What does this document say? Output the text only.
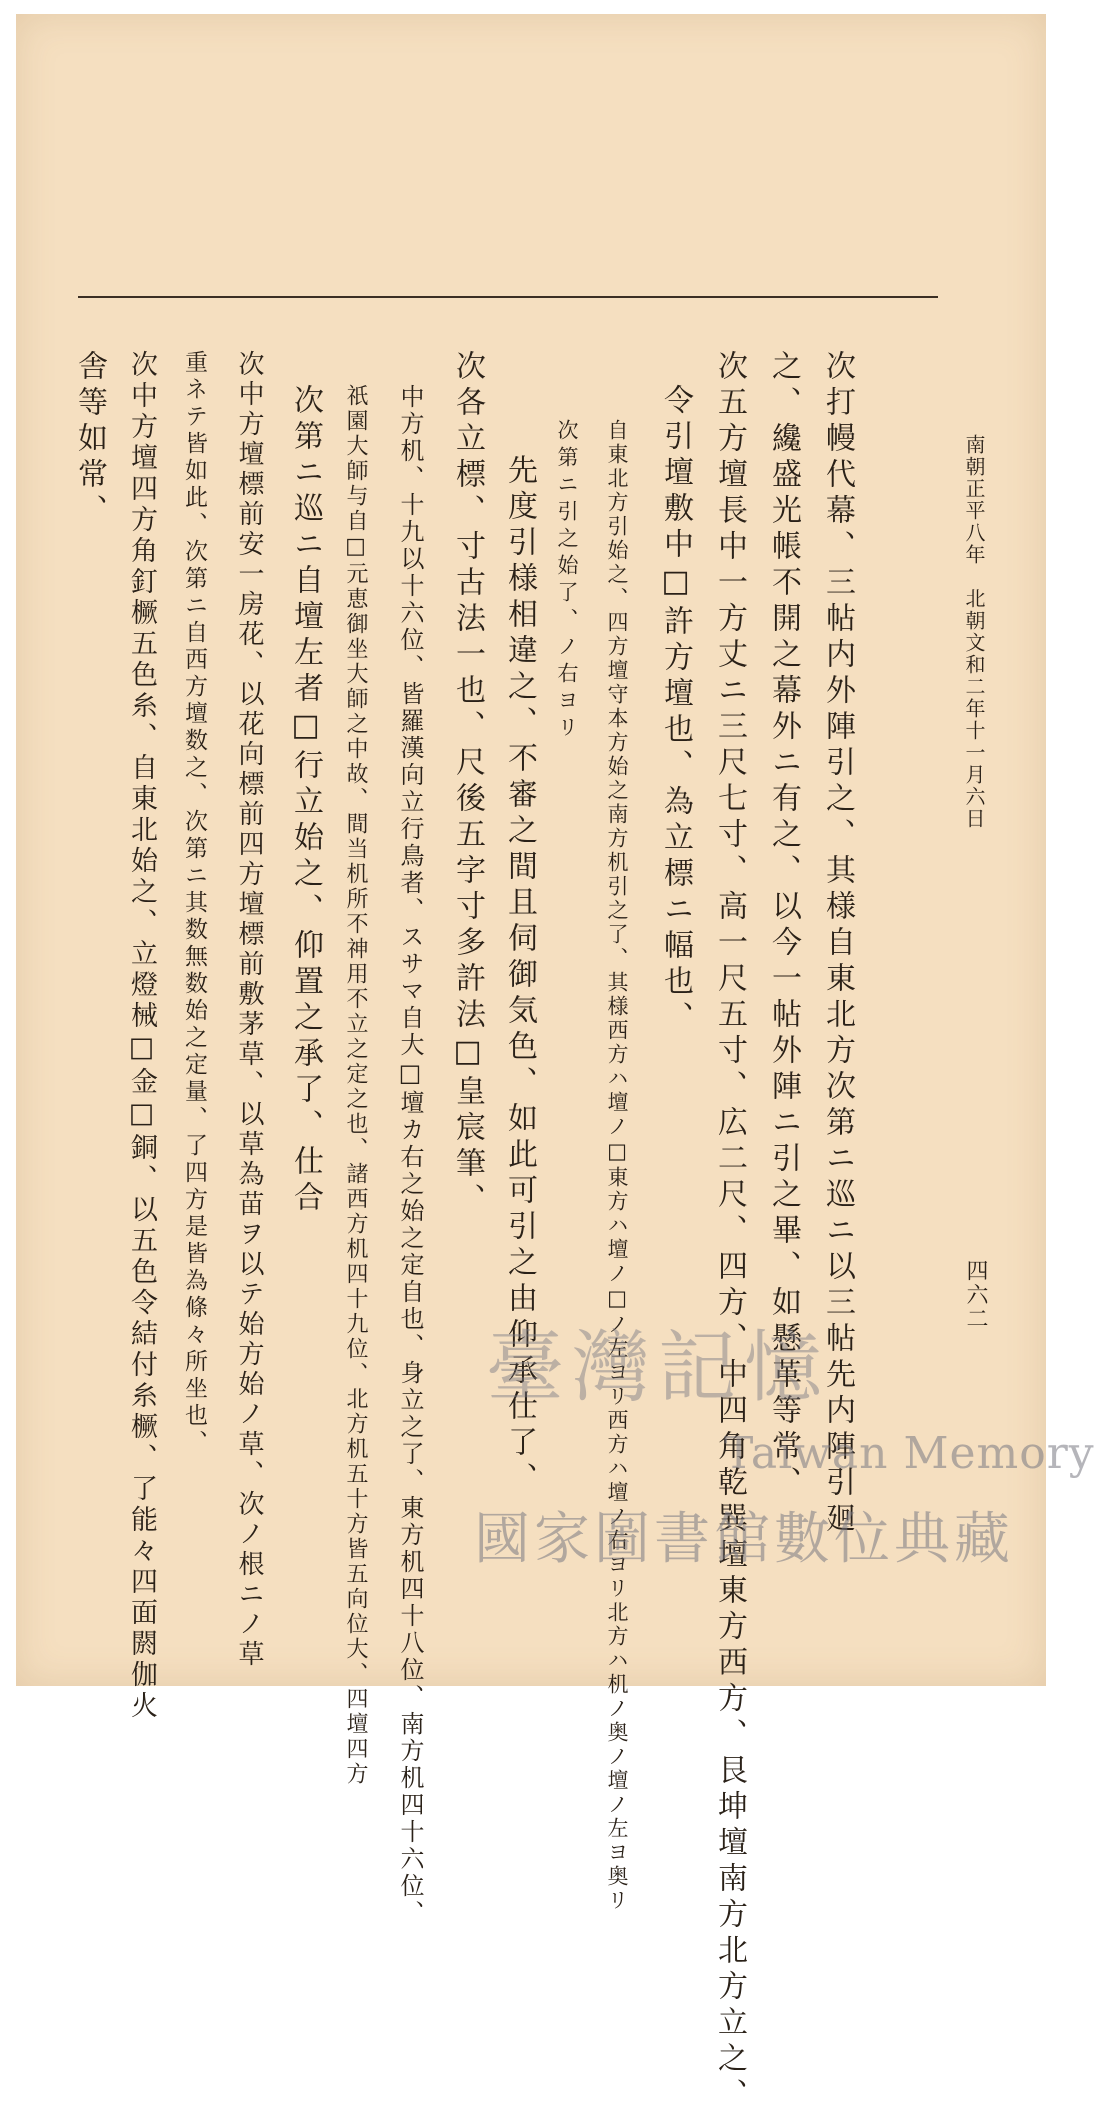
南朝正平八年　北朝文和二年十一月六日
四六二
次打幔代幕、三帖内外陣引之、其様自東北方次第ニ巡ニ以三帖先内陣引廻
之、纔盛光帳不開之幕外ニ有之、以今一帖外陣ニ引之畢、如懸革等常、
次五方壇長中一方丈ニ三尺七寸、高一尺五寸、広二尺、四方、中四角乾巽壇東方西方、艮坤壇南方北方立之、
令引壇敷中□許方壇也、為立標ニ幅也、
自東北方引始之、四方壇守本方始之南方机引之了、其様西方ハ壇ノ□東方ハ壇ノ□ノ左ヨリ西方ハ壇ノ右ヨリ北方ハ机ノ奥ノ壇ノ左ヨ奥リ
次第ニ引之始了、ノ右ヨリ
先度引様相違之、不審之間且伺御気色、如此可引之由仰承仕了、
次各立標、寸古法一也、尺後五字寸多許法□皇宸筆、
中方机、十九以十六位、皆羅漢向立行鳥者、スサマ自大□壇カ右之始之定自也、身立之了、東方机四十八位、南方机四十六位、
祇園大師与自□元恵御坐大師之中故、間当机所不神用不立之定之也、諸西方机四十九位、北方机五十方皆五向位大、四壇四方
次第ニ巡ニ自壇左者□行立始之、仰置之承了、仕合
次中方壇標前安一房花、以花向標前四方壇標前敷茅草、以草為苗ヲ以テ始方始ノ草、次ノ根ニノ草
重ネテ皆如此、次第ニ自西方壇数之、次第ニ其数無数始之定量、了四方是皆為條々所坐也、
次中方壇四方角釘橛五色糸、自東北始之、立燈械□金□銅、以五色令結付糸橛、了能々四面閼伽火
舎等如常、
臺灣記憶
Taiwan Memory
國家圖書館數位典藏
